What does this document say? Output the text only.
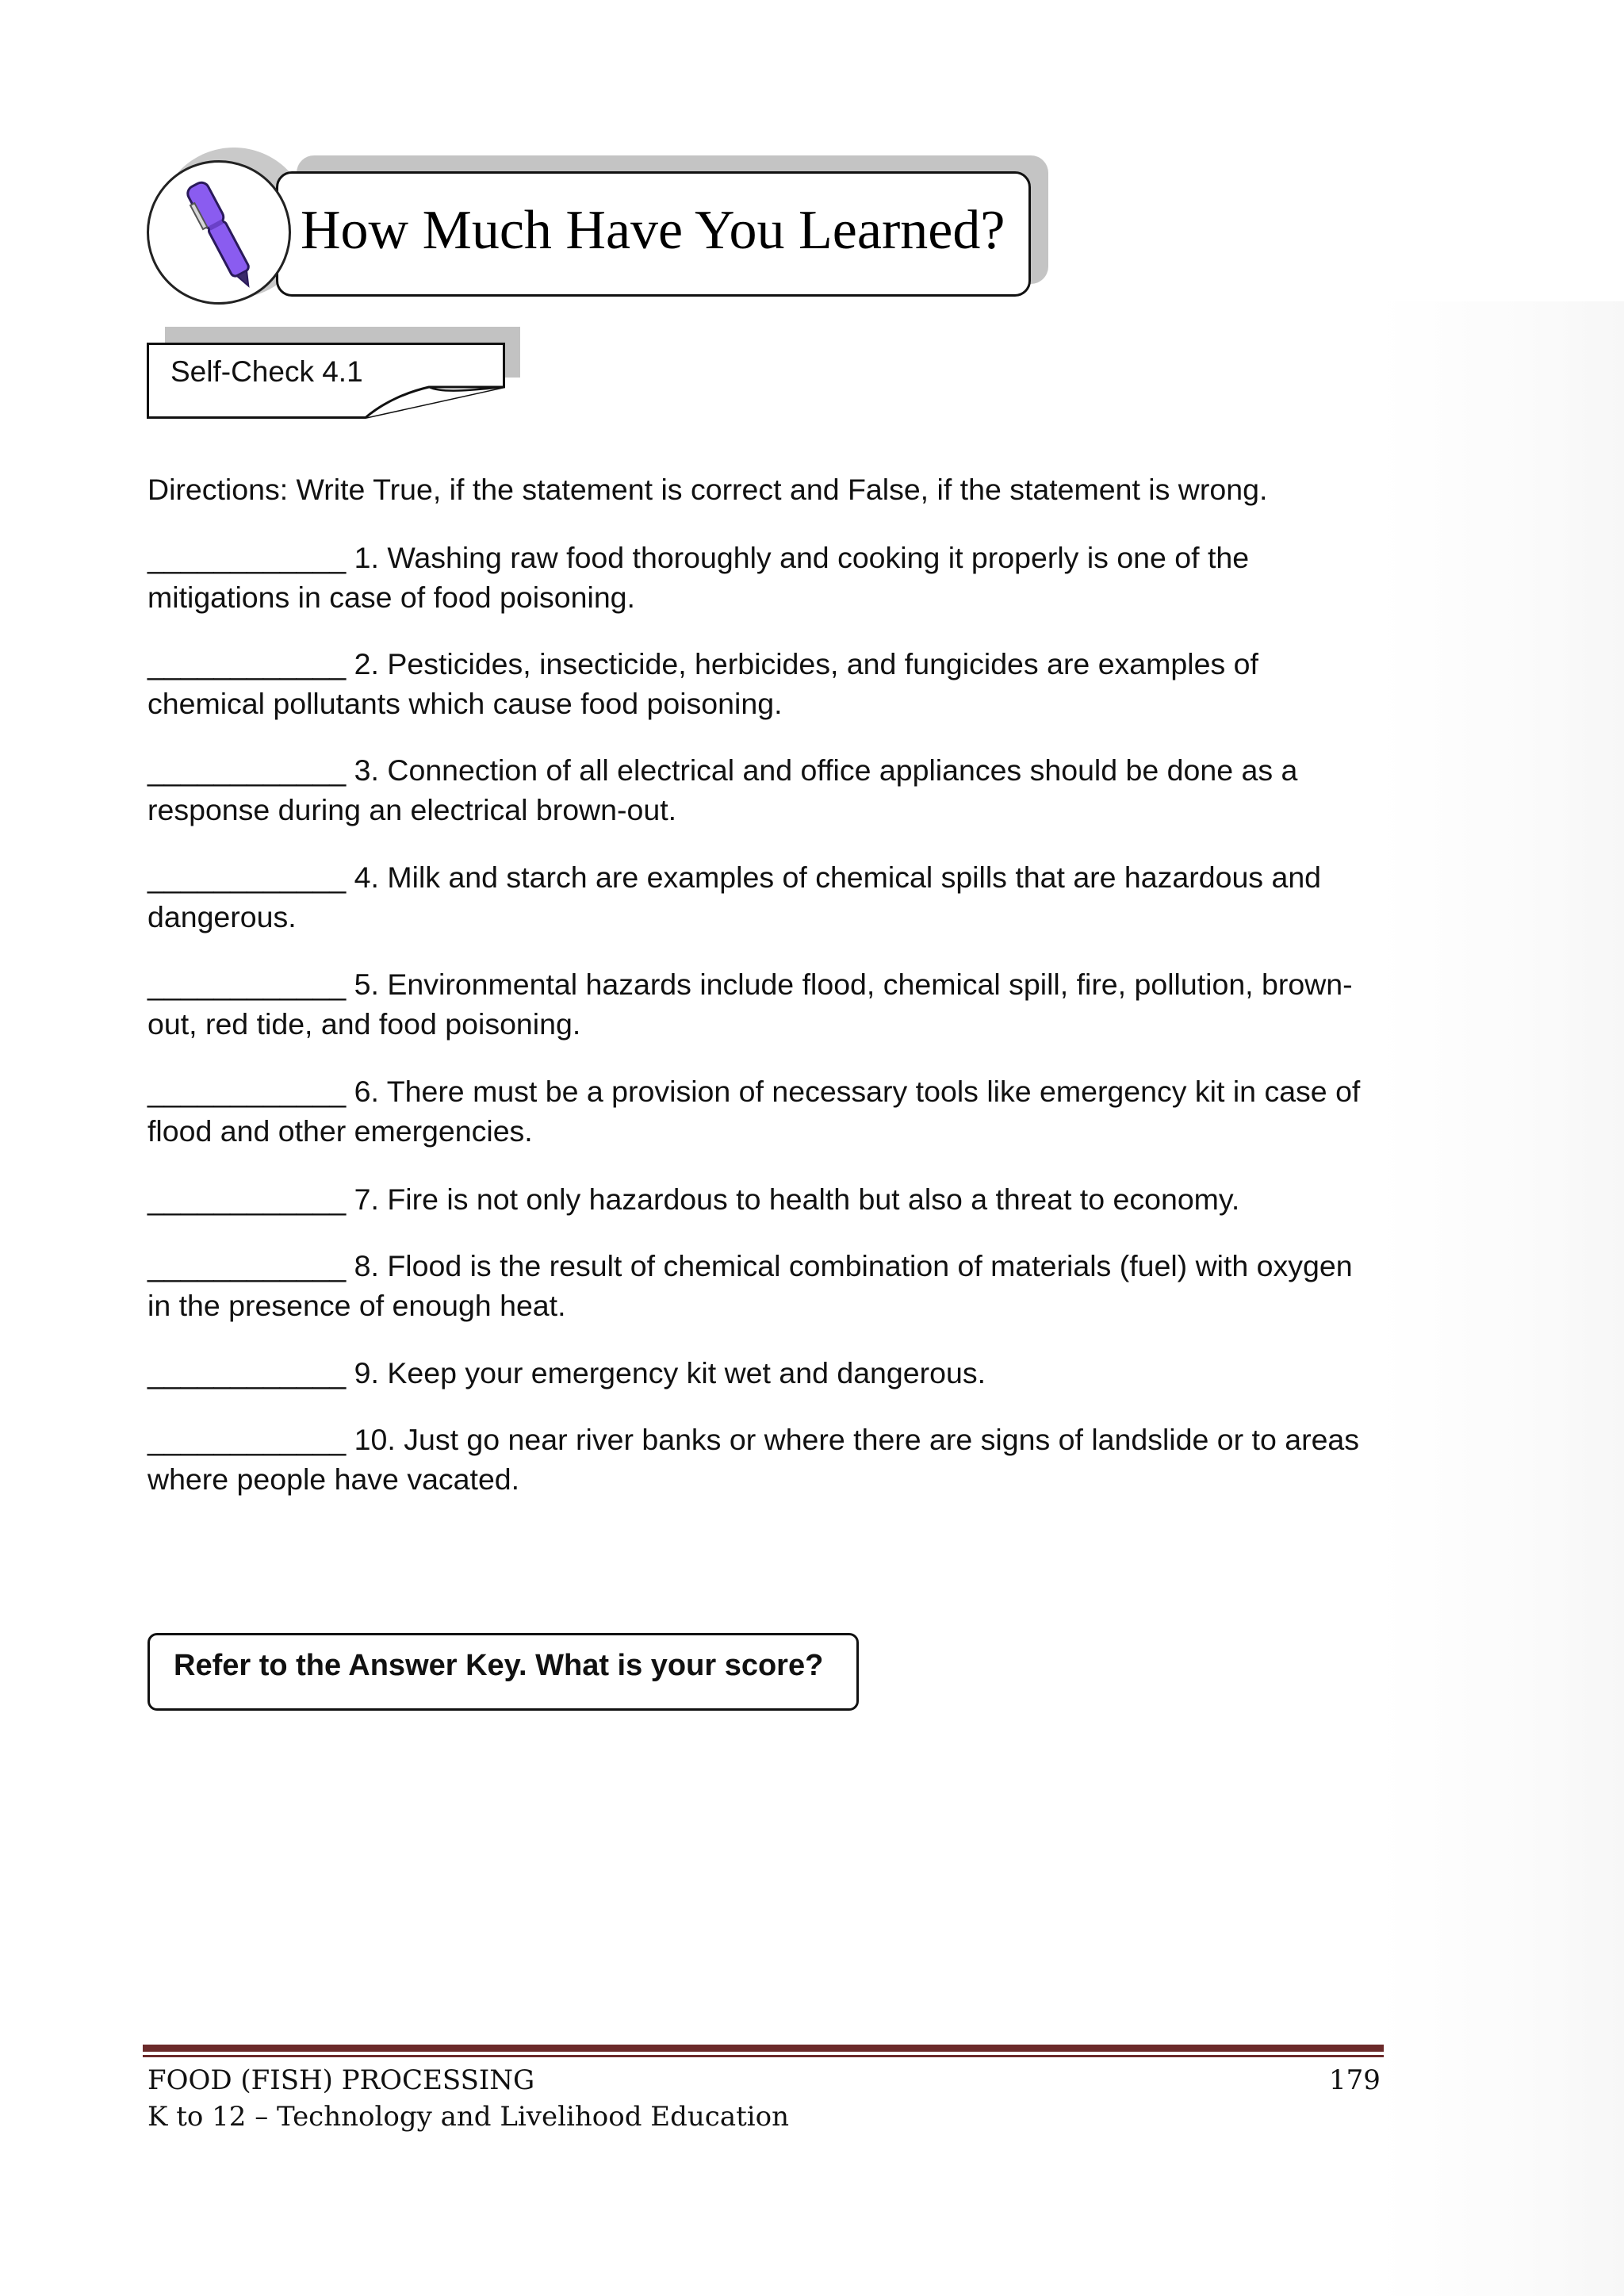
How Much Have You Learned?
Self-Check 4.1
Directions: Write True, if the statement is correct and False, if the statement is wrong.
____________ 1. Washing raw food thoroughly and cooking it properly is one of the
mitigations in case of food poisoning.
____________ 2. Pesticides, insecticide, herbicides, and fungicides are examples of
chemical pollutants which cause food poisoning.
____________ 3. Connection of all electrical and office appliances should be done as a
response during an electrical brown-out.
____________ 4. Milk and starch are examples of chemical spills that are hazardous and
dangerous.
____________ 5. Environmental hazards include flood, chemical spill, fire, pollution, brown-
out, red tide, and food poisoning.
____________ 6. There must be a provision of necessary tools like emergency kit in case of
flood and other emergencies.
____________ 7. Fire is not only hazardous to health but also a threat to economy.
____________ 8. Flood is the result of chemical combination of materials (fuel) with oxygen
in the presence of enough heat.
____________ 9. Keep your emergency kit wet and dangerous.
____________ 10. Just go near river banks or where there are signs of landslide or to areas
where people have vacated.
Refer to the Answer Key. What is your score?
FOOD (FISH) PROCESSING
K to 12 – Technology and Livelihood Education
179
